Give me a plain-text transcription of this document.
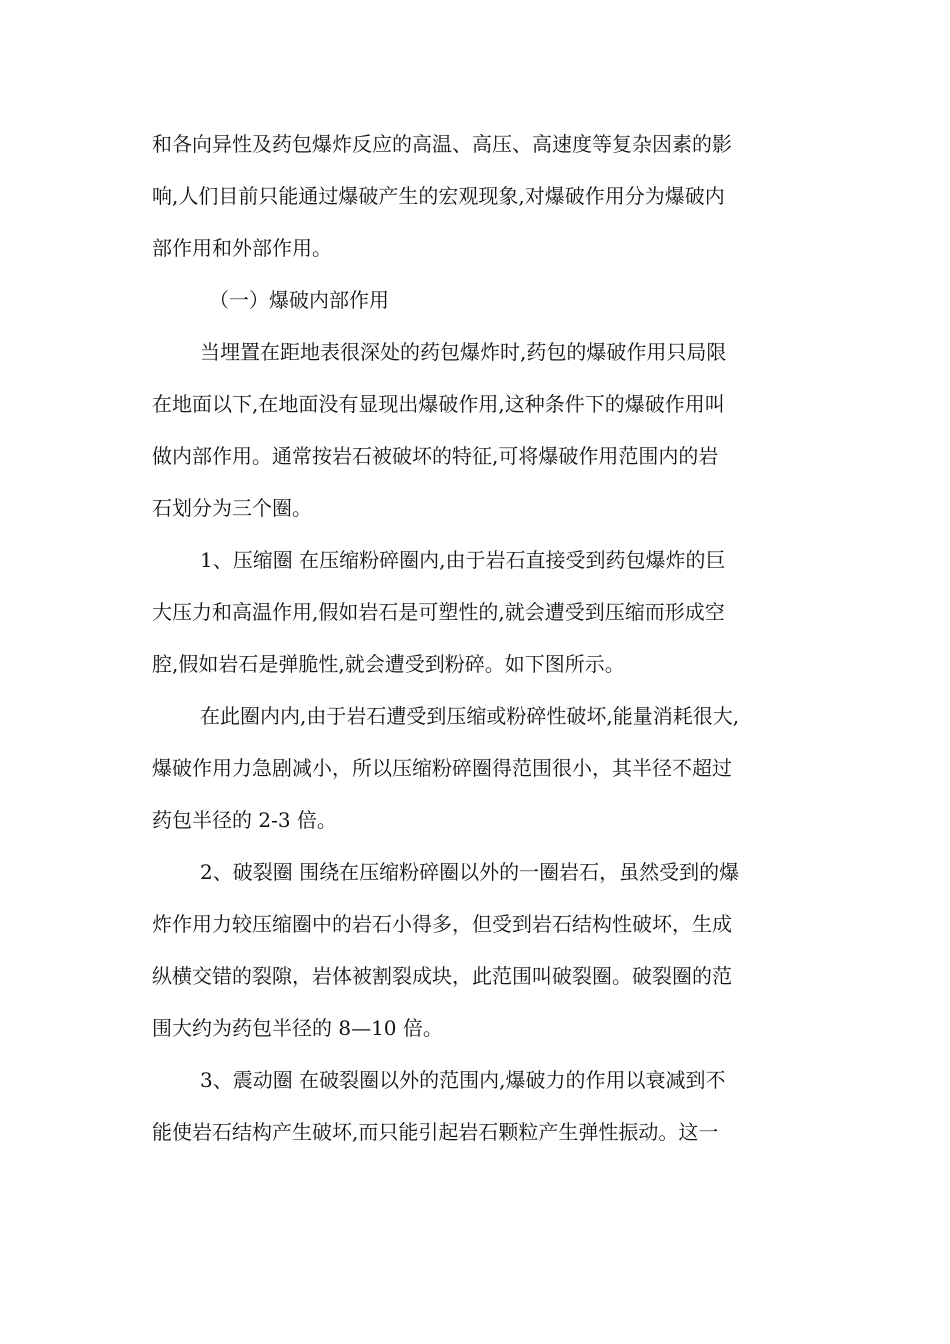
和各向异性及药包爆炸反应的高温、高压、高速度等复杂因素的影
响,人们目前只能通过爆破产生的宏观现象,对爆破作用分为爆破内
部作用和外部作用。
（一）爆破内部作用
当埋置在距地表很深处的药包爆炸时,药包的爆破作用只局限
在地面以下,在地面没有显现出爆破作用,这种条件下的爆破作用叫
做内部作用。通常按岩石被破坏的特征,可将爆破作用范围内的岩
石划分为三个圈。
1、压缩圈 在压缩粉碎圈内,由于岩石直接受到药包爆炸的巨
大压力和高温作用,假如岩石是可塑性的,就会遭受到压缩而形成空
腔,假如岩石是弹脆性,就会遭受到粉碎。如下图所示。
在此圈内内,由于岩石遭受到压缩或粉碎性破坏,能量消耗很大,
爆破作用力急剧减小，所以压缩粉碎圈得范围很小，其半径不超过
药包半径的 2-3 倍。
2、破裂圈 围绕在压缩粉碎圈以外的一圈岩石，虽然受到的爆
炸作用力较压缩圈中的岩石小得多，但受到岩石结构性破坏，生成
纵横交错的裂隙，岩体被割裂成块，此范围叫破裂圈。破裂圈的范
围大约为药包半径的 8—10 倍。
3、震动圈 在破裂圈以外的范围内,爆破力的作用以衰减到不
能使岩石结构产生破坏,而只能引起岩石颗粒产生弹性振动。这一
